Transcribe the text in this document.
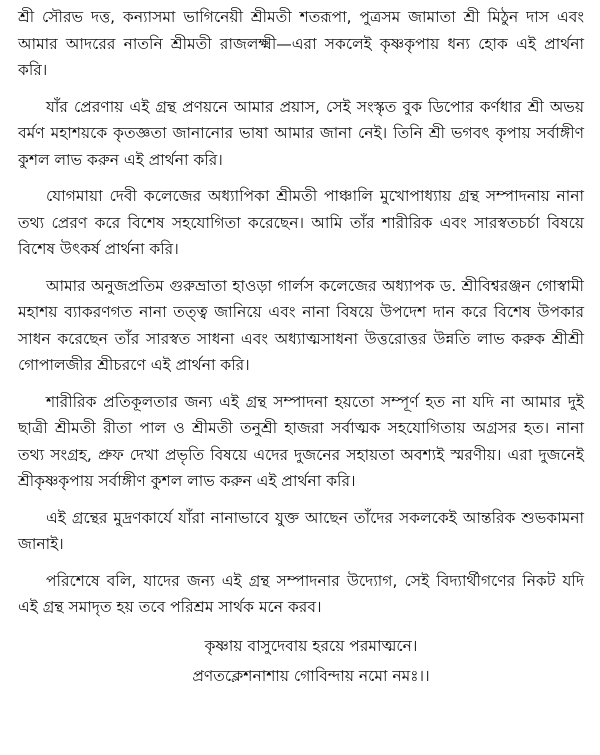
শ্রী সৌরভ দত্ত, কন্যাসমা ভাগিনেয়ী শ্রীমতী শতরূপা, পুত্রসম জামাতা শ্রী মিঠুন দাস এবং আমার আদরের নাতনি শ্রীমতী রাজলক্ষ্মী—এরা সকলেই কৃষ্ণকৃপায় ধন্য হোক এই প্রার্থনা করি।

যাঁর প্রেরণায় এই গ্রন্থ প্রণয়নে আমার প্রয়াস, সেই সংস্কৃত বুক ডিপোর কর্ণধার শ্রী অভয় বর্মণ মহাশয়কে কৃতজ্ঞতা জানানোর ভাষা আমার জানা নেই। তিনি শ্রী ভগবৎ কৃপায় সর্বাঙ্গীণ কুশল লাভ করুন এই প্রার্থনা করি।

যোগমায়া দেবী কলেজের অধ্যাপিকা শ্রীমতী পাঞ্চালি মুখোপাধ্যায় গ্রন্থ সম্পাদনায় নানা তথ্য প্রেরণ করে বিশেষ সহযোগিতা করেছেন। আমি তাঁর শারীরিক এবং সারস্বতচর্চা বিষয়ে বিশেষ উৎকর্ষ প্রার্থনা করি।

আমার অনুজপ্রতিম গুরুভ্রাতা হাওড়া গার্লস কলেজের অধ্যাপক ড. শ্রীবিশ্বরঞ্জন গোস্বামী মহাশয় ব্যাকরণগত নানা তত্ত্ব জানিয়ে এবং নানা বিষয়ে উপদেশ দান করে বিশেষ উপকার সাধন করেছেন তাঁর সারস্বত সাধনা এবং অধ্যাত্মসাধনা উত্তরোত্তর উন্নতি লাভ করুক শ্রীশ্রী গোপালজীর শ্রীচরণে এই প্রার্থনা করি।

শারীরিক প্রতিকূলতার জন্য এই গ্রন্থ সম্পাদনা হয়তো সম্পূর্ণ হত না যদি না আমার দুই ছাত্রী শ্রীমতী রীতা পাল ও শ্রীমতী তনুশ্রী হাজরা সর্বাত্মক সহযোগিতায় অগ্রসর হত। নানা তথ্য সংগ্রহ, প্রুফ দেখা প্রভৃতি বিষয়ে এদের দুজনের সহায়তা অবশ্যই স্মরণীয়। এরা দুজনেই শ্রীকৃষ্ণকৃপায় সর্বাঙ্গীণ কুশল লাভ করুন এই প্রার্থনা করি।

এই গ্রন্থের মুদ্রণকার্যে যাঁরা নানাভাবে যুক্ত আছেন তাঁদের সকলকেই আন্তরিক শুভকামনা জানাই।

পরিশেষে বলি, যাদের জন্য এই গ্রন্থ সম্পাদনার উদ্যোগ, সেই বিদ্যার্থীগণের নিকট যদি এই গ্রন্থ সমাদৃত হয় তবে পরিশ্রম সার্থক মনে করব।

কৃষ্ণায় বাসুদেবায় হরয়ে পরমাত্মনে।

প্রণতক্লেশনাশায় গোবিন্দায় নমো নমঃ।।
